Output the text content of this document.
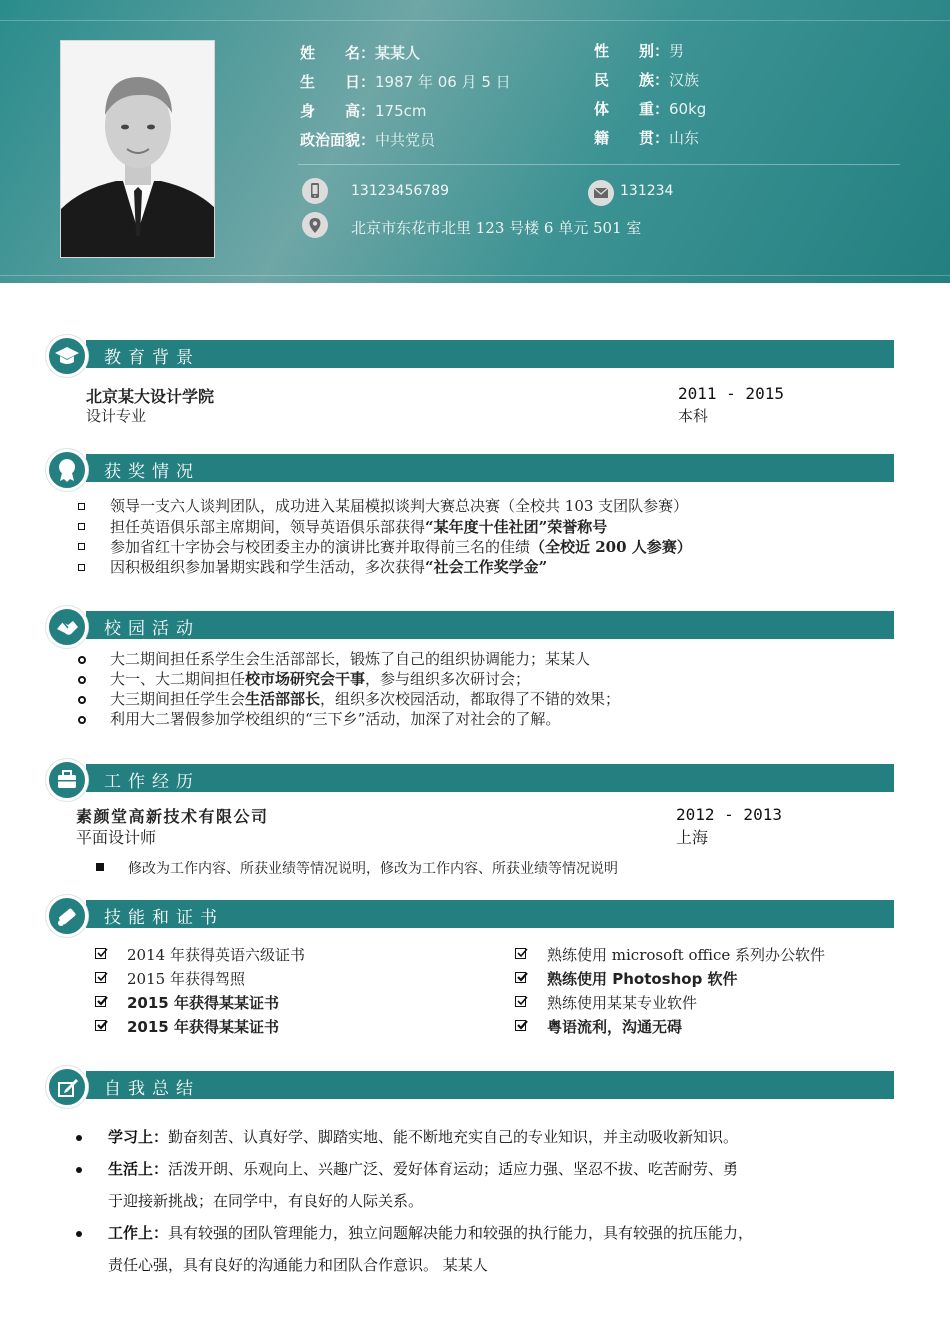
姓　　名：某某人
生　　日：1987 年 06 月 5 日
身　　高：175cm
政治面貌：中共党员
性　　别：男
民　　族：汉族
体　　重：60kg
籍　　贯：山东
13123456789	131234
北京市东花市北里 123 号楼 6 单元 501 室
教育背景
北京某大设计学院
设计专业
2011 - 2015
本科
获奖情况
领导一支六人谈判团队，成功进入某届模拟谈判大赛总决赛（全校共 103 支团队参赛）
担任英语俱乐部主席期间，领导英语俱乐部获得“某年度十佳社团”荣誉称号
参加省红十字协会与校团委主办的演讲比赛并取得前三名的佳绩（全校近 200 人参赛）
因积极组织参加暑期实践和学生活动，多次获得“社会工作奖学金”
校园活动
大二期间担任系学生会生活部部长，锻炼了自己的组织协调能力；某某人
大一、大二期间担任校市场研究会干事，参与组织多次研讨会；
大三期间担任学生会生活部部长，组织多次校园活动，都取得了不错的效果；
利用大二署假参加学校组织的“三下乡”活动，加深了对社会的了解。
工作经历
素颜堂高新技术有限公司
平面设计师
2012 - 2013
上海
修改为工作内容、所获业绩等情况说明，修改为工作内容、所获业绩等情况说明
技能和证书
2014 年获得英语六级证书
2015 年获得驾照
2015 年获得某某证书
2015 年获得某某证书
熟练使用 microsoft office 系列办公软件
熟练使用 Photoshop 软件
熟练使用某某专业软件
粤语流利，沟通无碍
自我总结
学习上：勤奋刻苦、认真好学、脚踏实地、能不断地充实自己的专业知识，并主动吸收新知识。
生活上：活泼开朗、乐观向上、兴趣广泛、爱好体育运动；适应力强、坚忍不拔、吃苦耐劳、勇
于迎接新挑战；在同学中，有良好的人际关系。
工作上：具有较强的团队管理能力，独立问题解决能力和较强的执行能力，具有较强的抗压能力，
责任心强，具有良好的沟通能力和团队合作意识。 某某人
